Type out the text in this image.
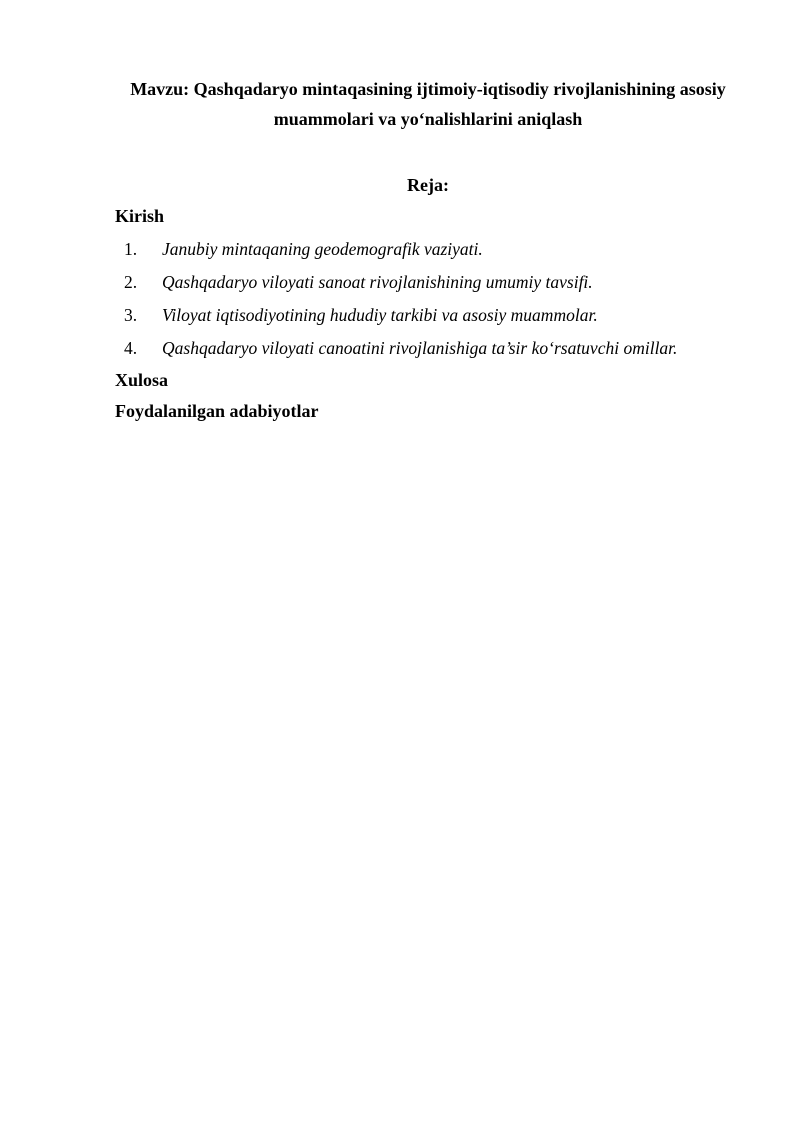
Mavzu: Qashqadaryo mintaqasining ijtimoiy-iqtisodiy rivojlanishining asosiy muammolari va yo‘nalishlarini aniqlash
Reja:
Kirish
1. Janubiy mintaqaning geodemografik vaziyati.
2. Qashqadaryo viloyati sanoat rivojlanishining umumiy tavsifi.
3. Viloyat iqtisodiyotining hududiy tarkibi va asosiy muammolar.
4. Qashqadaryo viloyati canoatini rivojlanishiga ta’sir ko‘rsatuvchi omillar.
Xulosa
Foydalanilgan adabiyotlar
